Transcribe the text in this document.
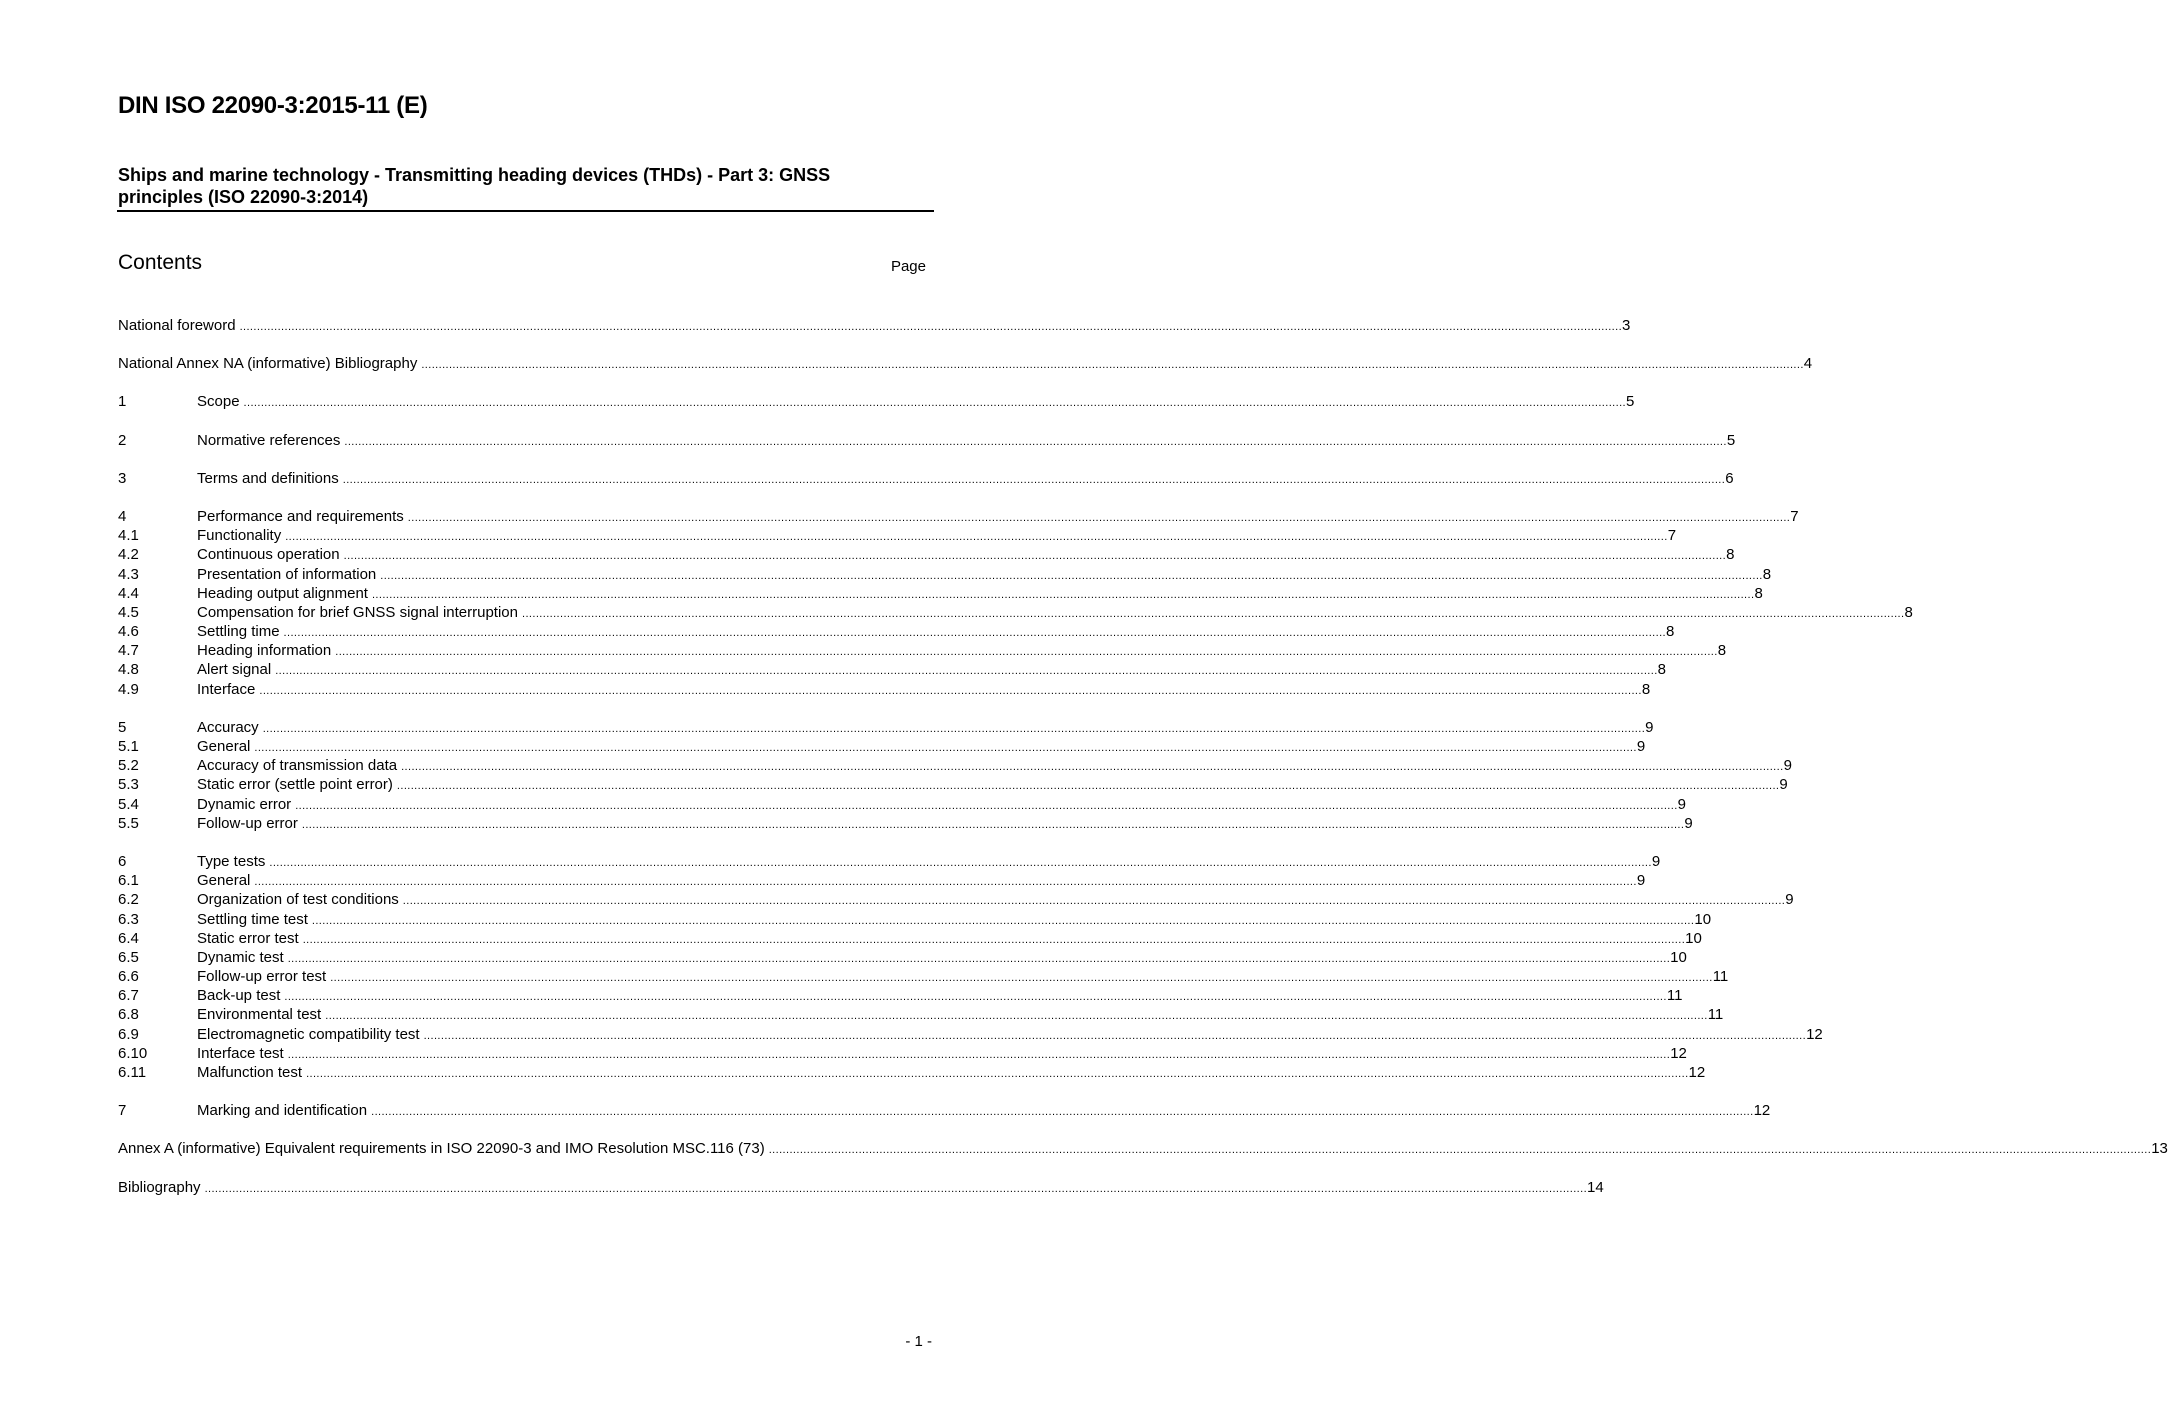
DIN ISO 22090-3:2015-11 (E)
Ships and marine technology - Transmitting heading devices (THDs) - Part 3: GNSS principles (ISO 22090-3:2014)
Contents	Page
National foreword ................................................................................................................................................................................................................................................................................................................................................................................................................ 3
National Annex NA (informative) Bibliography ................................................................................................................................................................................................................................................................................................................................................................................................................ 4
1	Scope ................................................................................................................................................................................................................................................................................................................................................................................................................ 5
2	Normative references ................................................................................................................................................................................................................................................................................................................................................................................................................ 5
3	Terms and definitions ................................................................................................................................................................................................................................................................................................................................................................................................................ 6
4	Performance and requirements ................................................................................................................................................................................................................................................................................................................................................................................................................ 7
4.1	Functionality ................................................................................................................................................................................................................................................................................................................................................................................................................ 7
4.2	Continuous operation ................................................................................................................................................................................................................................................................................................................................................................................................................ 8
4.3	Presentation of information ................................................................................................................................................................................................................................................................................................................................................................................................................ 8
4.4	Heading output alignment ................................................................................................................................................................................................................................................................................................................................................................................................................ 8
4.5	Compensation for brief GNSS signal interruption ................................................................................................................................................................................................................................................................................................................................................................................................................ 8
4.6	Settling time ................................................................................................................................................................................................................................................................................................................................................................................................................ 8
4.7	Heading information ................................................................................................................................................................................................................................................................................................................................................................................................................ 8
4.8	Alert signal ................................................................................................................................................................................................................................................................................................................................................................................................................ 8
4.9	Interface ................................................................................................................................................................................................................................................................................................................................................................................................................ 8
5	Accuracy ................................................................................................................................................................................................................................................................................................................................................................................................................ 9
5.1	General ................................................................................................................................................................................................................................................................................................................................................................................................................ 9
5.2	Accuracy of transmission data ................................................................................................................................................................................................................................................................................................................................................................................................................ 9
5.3	Static error (settle point error) ................................................................................................................................................................................................................................................................................................................................................................................................................ 9
5.4	Dynamic error ................................................................................................................................................................................................................................................................................................................................................................................................................ 9
5.5	Follow-up error ................................................................................................................................................................................................................................................................................................................................................................................................................ 9
6	Type tests ................................................................................................................................................................................................................................................................................................................................................................................................................ 9
6.1	General ................................................................................................................................................................................................................................................................................................................................................................................................................ 9
6.2	Organization of test conditions ................................................................................................................................................................................................................................................................................................................................................................................................................ 9
6.3	Settling time test ................................................................................................................................................................................................................................................................................................................................................................................................................ 10
6.4	Static error test ................................................................................................................................................................................................................................................................................................................................................................................................................ 10
6.5	Dynamic test ................................................................................................................................................................................................................................................................................................................................................................................................................ 10
6.6	Follow-up error test ................................................................................................................................................................................................................................................................................................................................................................................................................ 11
6.7	Back-up test ................................................................................................................................................................................................................................................................................................................................................................................................................ 11
6.8	Environmental test ................................................................................................................................................................................................................................................................................................................................................................................................................ 11
6.9	Electromagnetic compatibility test ................................................................................................................................................................................................................................................................................................................................................................................................................ 12
6.10	Interface test ................................................................................................................................................................................................................................................................................................................................................................................................................ 12
6.11	Malfunction test ................................................................................................................................................................................................................................................................................................................................................................................................................ 12
7	Marking and identification ................................................................................................................................................................................................................................................................................................................................................................................................................ 12
Annex A (informative) Equivalent requirements in ISO 22090-3 and IMO Resolution MSC.116 (73) ................................................................................................................................................................................................................................................................................................................................................................................................................ 13
Bibliography ................................................................................................................................................................................................................................................................................................................................................................................................................ 14
- 1 -
